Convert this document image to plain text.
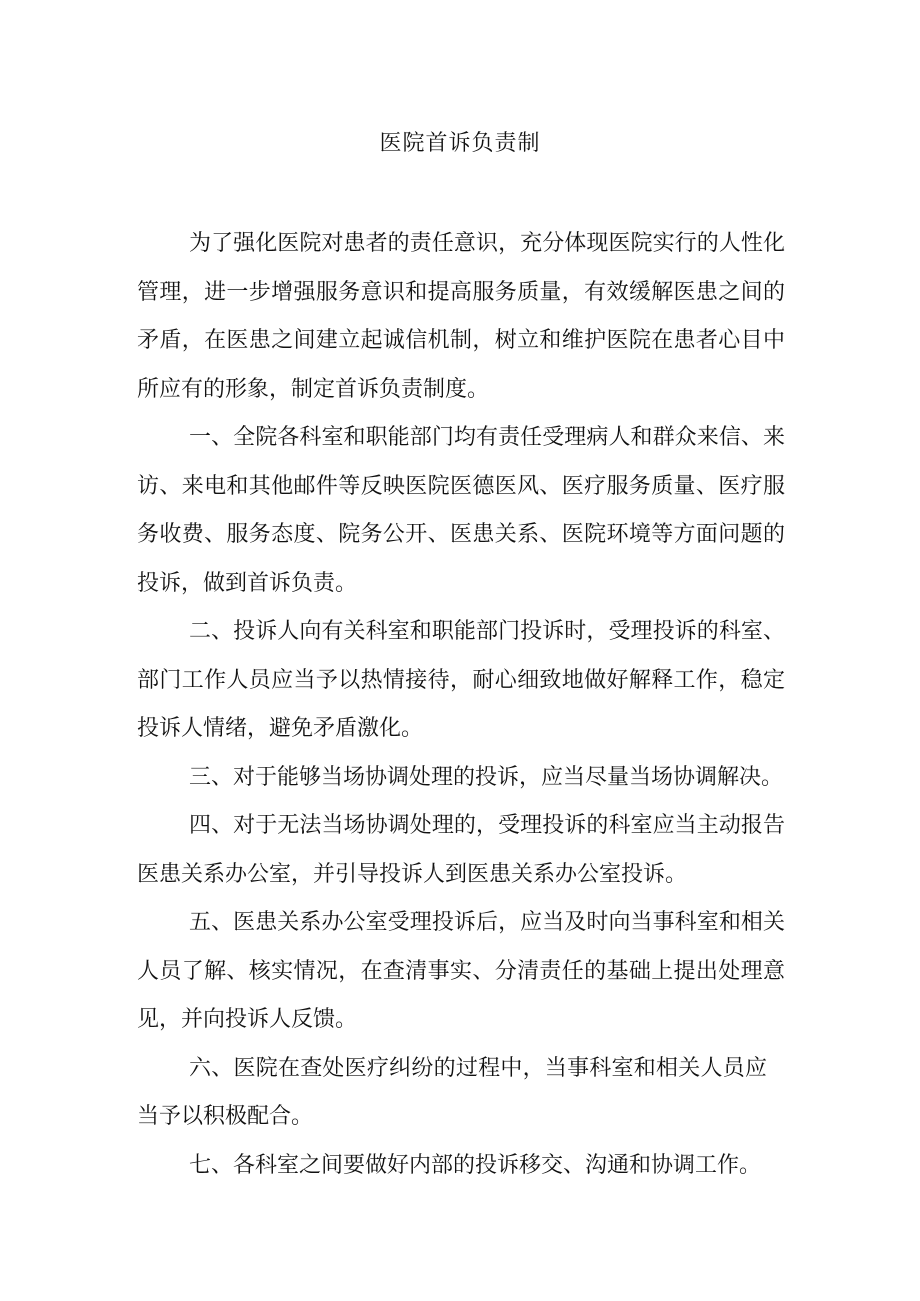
医院首诉负责制

为了强化医院对患者的责任意识，充分体现医院实行的人性化管理，进一步增强服务意识和提高服务质量，有效缓解医患之间的矛盾，在医患之间建立起诚信机制，树立和维护医院在患者心目中所应有的形象，制定首诉负责制度。

一、全院各科室和职能部门均有责任受理病人和群众来信、来访、来电和其他邮件等反映医院医德医风、医疗服务质量、医疗服务收费、服务态度、院务公开、医患关系、医院环境等方面问题的投诉，做到首诉负责。

二、投诉人向有关科室和职能部门投诉时，受理投诉的科室、部门工作人员应当予以热情接待，耐心细致地做好解释工作，稳定投诉人情绪，避免矛盾激化。

三、对于能够当场协调处理的投诉，应当尽量当场协调解决。

四、对于无法当场协调处理的，受理投诉的科室应当主动报告医患关系办公室，并引导投诉人到医患关系办公室投诉。

五、医患关系办公室受理投诉后，应当及时向当事科室和相关人员了解、核实情况，在查清事实、分清责任的基础上提出处理意见，并向投诉人反馈。

六、医院在查处医疗纠纷的过程中，当事科室和相关人员应当予以积极配合。

七、各科室之间要做好内部的投诉移交、沟通和协调工作。
